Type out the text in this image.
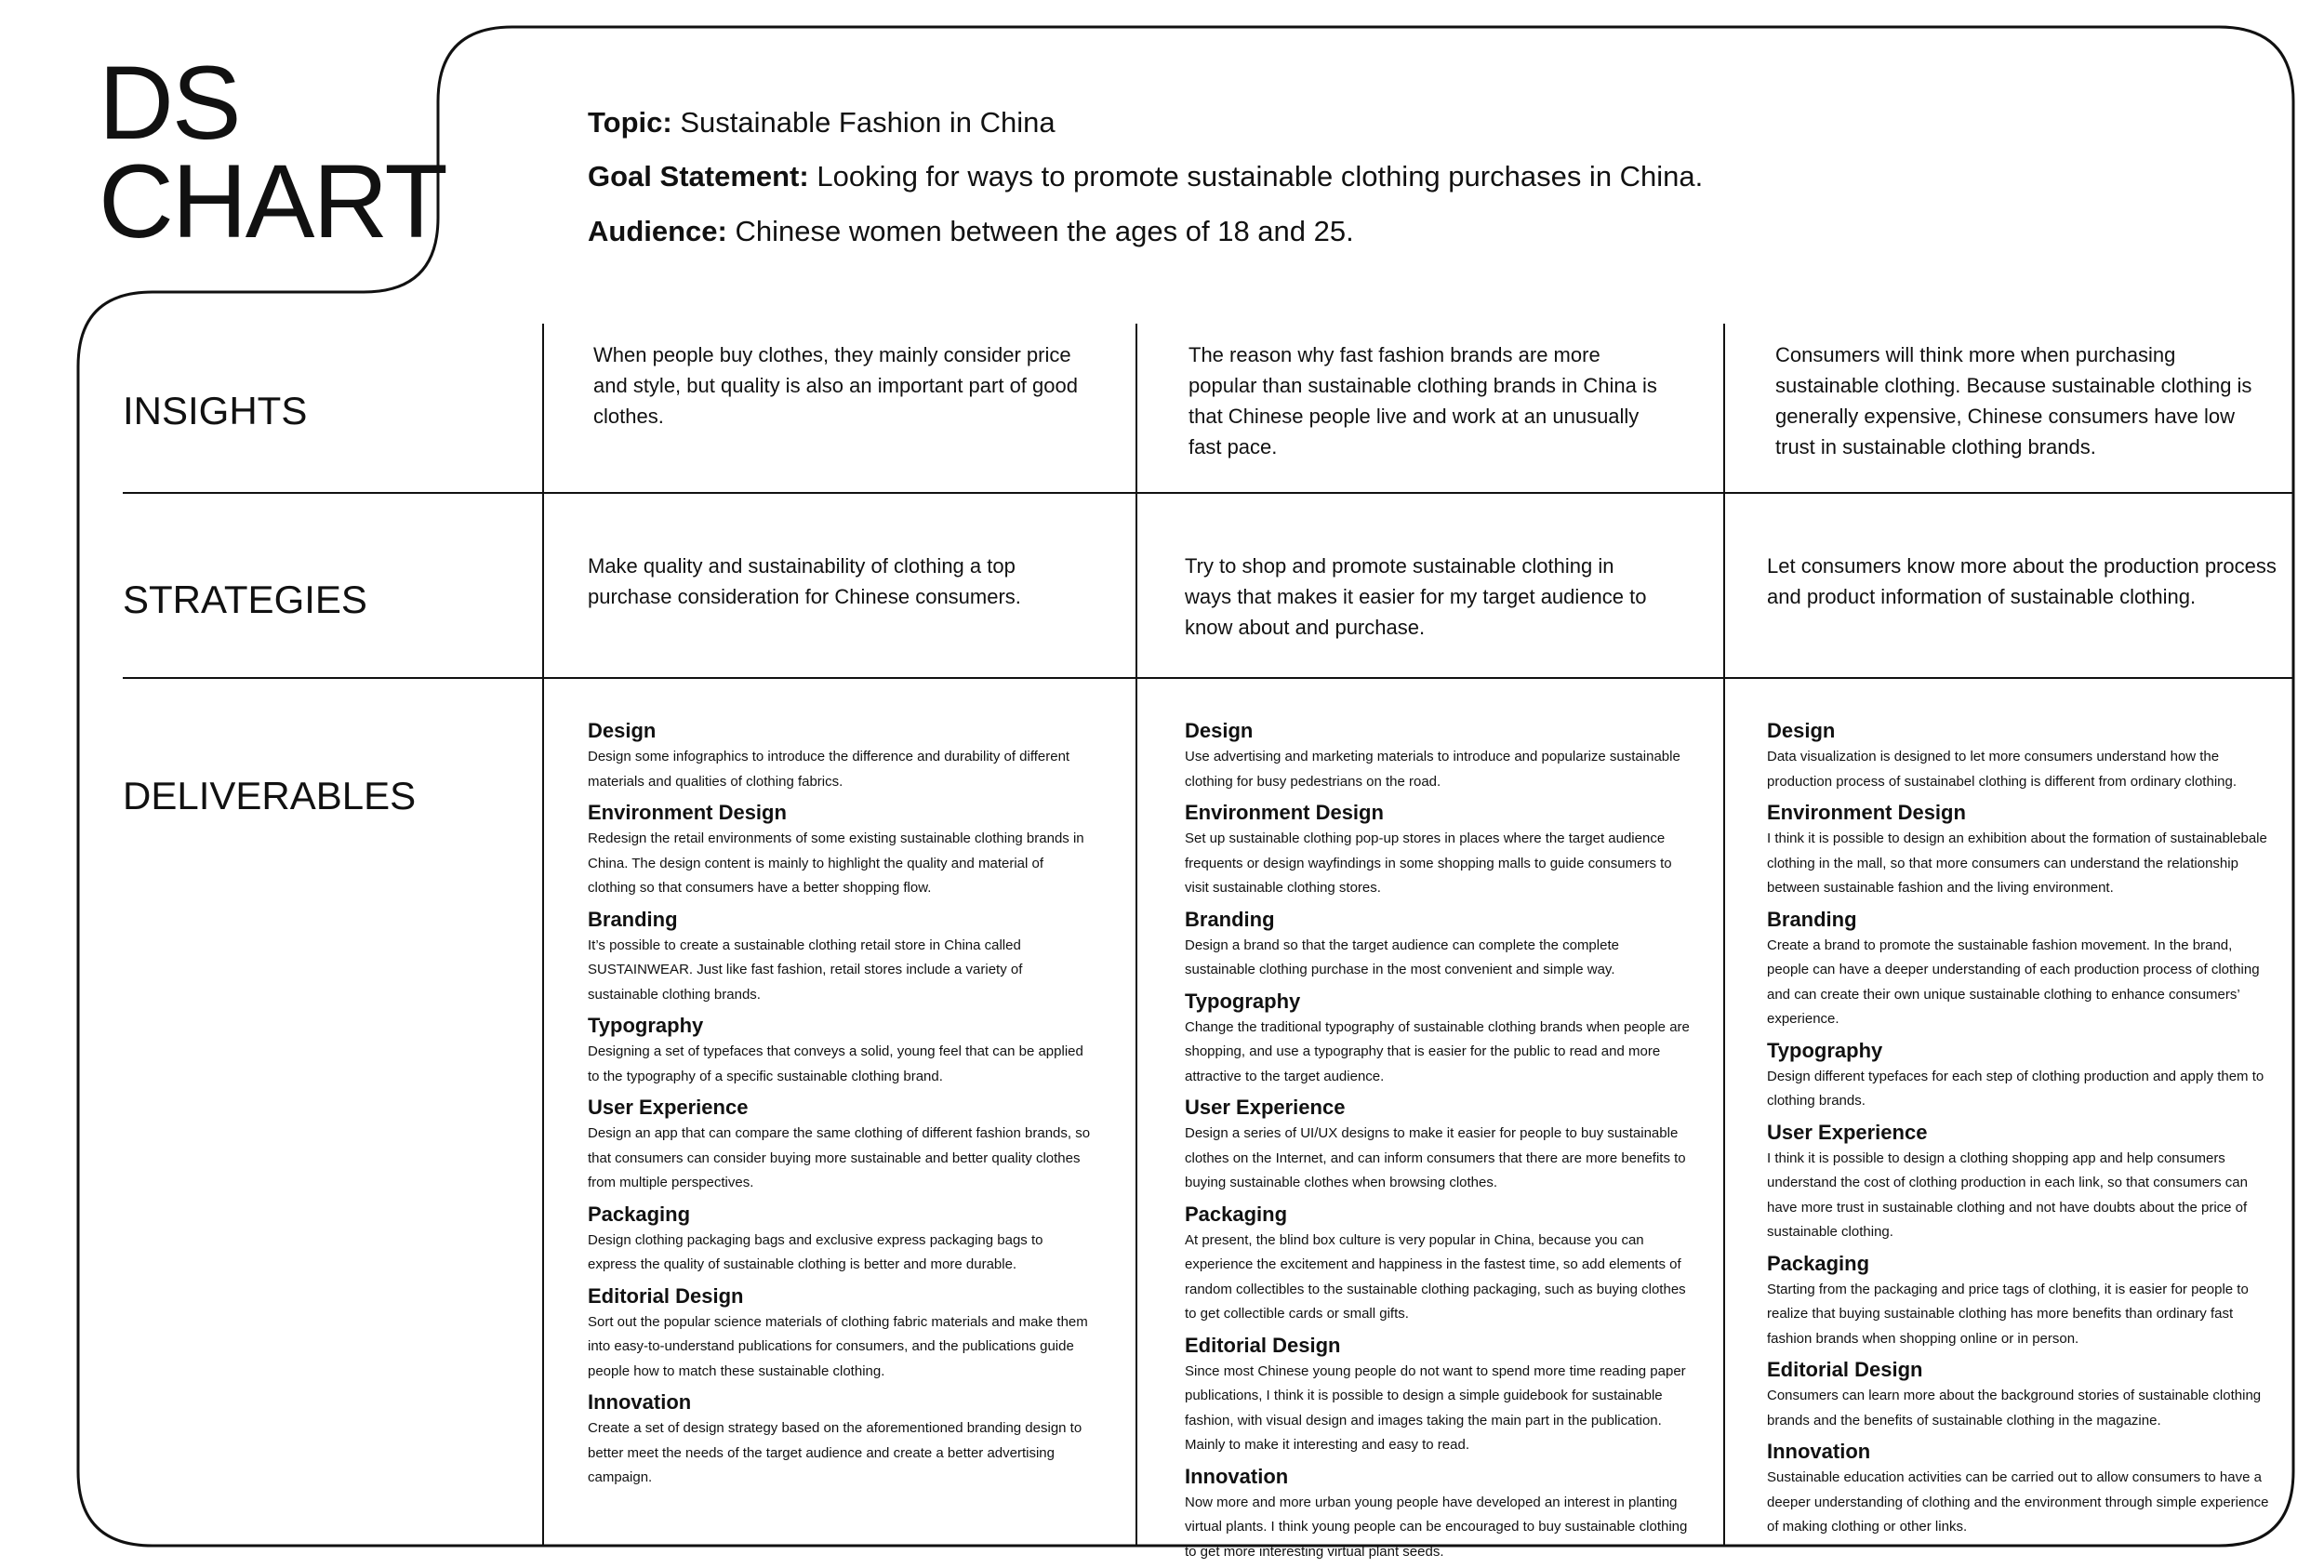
DS
CHART
Topic: Sustainable Fashion in China
Goal Statement: Looking for ways to promote sustainable clothing purchases in China.
Audience: Chinese women between the ages of 18 and 25.
INSIGHTS
STRATEGIES
DELIVERABLES
When people buy clothes, they mainly consider price and style, but quality is also an important part of good clothes.
The reason why fast fashion brands are more popular than sustainable clothing brands in China is that Chinese people live and work at an unusually fast pace.
Consumers will think more when purchasing sustainable clothing. Because sustainable clothing is generally expensive, Chinese consumers have low trust in sustainable clothing brands.
Make quality and sustainability of clothing a top purchase consideration for Chinese consumers.
Try to shop and promote sustainable clothing in ways that makes it easier for my target audience to know about and purchase.
Let consumers know more about the production process and product information of sustainable clothing.
Design

Design some infographics to introduce the difference and durability of different materials and qualities of clothing fabrics.

Environment Design

Redesign the retail environments of some existing sustainable clothing brands in China. The design content is mainly to highlight the quality and material of clothing so that consumers have a better shopping flow.

Branding

It’s possible to create a sustainable clothing retail store in China called SUSTAINWEAR. Just like fast fashion, retail stores include a variety of sustainable clothing brands.

Typography

Designing a set of typefaces that conveys a solid, young feel that can be applied to the typography of a specific sustainable clothing brand.

User Experience

Design an app that can compare the same clothing of different fashion brands, so that consumers can consider buying more sustainable and better quality clothes from multiple perspectives.

Packaging

Design clothing packaging bags and exclusive express packaging bags to express the quality of sustainable clothing is better and more durable.

Editorial Design

Sort out the popular science materials of clothing fabric materials and make them into easy-to-understand publications for consumers, and the publications guide people how to match these sustainable clothing.

Innovation

Create a set of design strategy based on the aforementioned branding design to better meet the needs of the target audience and create a better advertising campaign.

Design

Use advertising and marketing materials to introduce and popularize sustainable clothing for busy pedestrians on the road.

Environment Design

Set up sustainable clothing pop-up stores in places where the target audience frequents or design wayfindings in some shopping malls to guide consumers to visit sustainable clothing stores.

Branding

Design a brand so that the target audience can complete the complete sustainable clothing purchase in the most convenient and simple way.

Typography

Change the traditional typography of sustainable clothing brands when people are shopping, and use a typography that is easier for the public to read and more attractive to the target audience.

User Experience

Design a series of UI/UX designs to make it easier for people to buy sustainable clothes on the Internet, and can inform consumers that there are more benefits to buying sustainable clothes when browsing clothes.

Packaging

At present, the blind box culture is very popular in China, because you can experience the excitement and happiness in the fastest time, so add elements of random collectibles to the sustainable clothing packaging, such as buying clothes to get collectible cards or small gifts.

Editorial Design

Since most Chinese young people do not want to spend more time reading paper publications, I think it is possible to design a simple guidebook for sustainable fashion, with visual design and images taking the main part in the publication. Mainly to make it interesting and easy to read.

Innovation

Now more and more urban young people have developed an interest in planting virtual plants. I think young people can be encouraged to buy sustainable clothing to get more interesting virtual plant seeds.

Design

Data visualization is designed to let more consumers understand how the production process of sustainabel clothing is different from ordinary clothing.

Environment Design

I think it is possible to design an exhibition about the formation of sustainablebale clothing in the mall, so that more consumers can understand the relationship between sustainable fashion and the living environment.

Branding

Create a brand to promote the sustainable fashion movement. In the brand, people can have a deeper understanding of each production process of clothing and can create their own unique sustainable clothing to enhance consumers’ experience.

Typography

Design different typefaces for each step of clothing production and apply them to clothing brands.

User Experience

I think it is possible to design a clothing shopping app and help consumers understand the cost of clothing production in each link, so that consumers can have more trust in sustainable clothing and not have doubts about the price of sustainable clothing.

Packaging

Starting from the packaging and price tags of clothing, it is easier for people to realize that buying sustainable clothing has more benefits than ordinary fast fashion brands when shopping online or in person.

Editorial Design

Consumers can learn more about the background stories of sustainable clothing brands and the benefits of sustainable clothing in the magazine.

Innovation

Sustainable education activities can be carried out to allow consumers to have a deeper understanding of clothing and the environment through simple experience of making clothing or other links.
